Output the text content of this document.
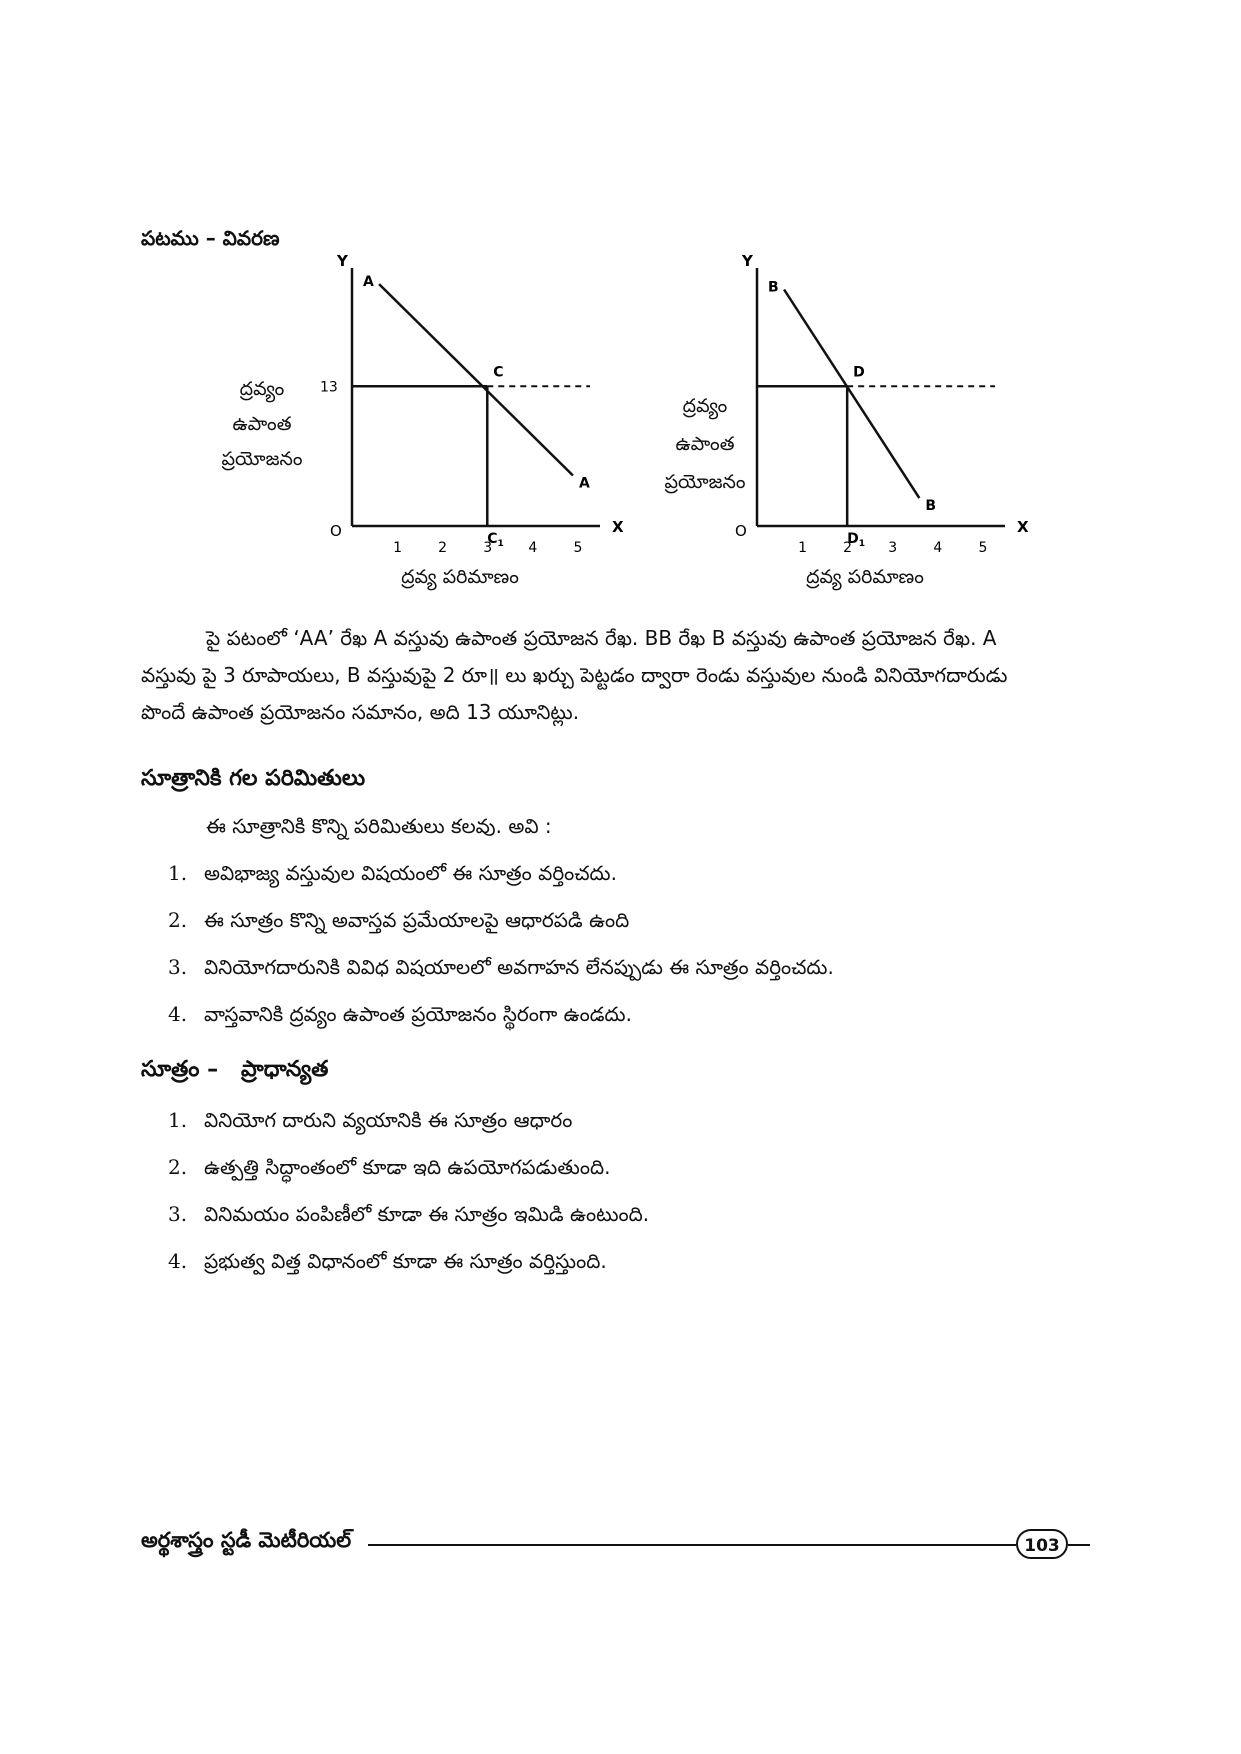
పటము – వివరణ
ద్రవ్యం
ఉపాంత
ప్రయోజనం
ద్రవ్యం
ఉపాంత
ప్రయోజనం
Y
X
O
1	2	3	4	5
13
A
A
C
$C_1$
Y
X
O
1	2	3	4	5
B
B
D
$D_1$
ద్రవ్య పరిమాణం	ద్రవ్య పరిమాణం
పై పటంలో ‘AA’ రేఖ A వస్తువు ఉపాంత ప్రయోజన రేఖ. BB రేఖ B వస్తువు ఉపాంత ప్రయోజన రేఖ. A
వస్తువు పై 3 రూపాయలు, B వస్తువుపై 2 రూ॥ లు ఖర్చు పెట్టడం ద్వారా రెండు వస్తువుల నుండి వినియోగదారుడు
పొందే ఉపాంత ప్రయోజనం సమానం, అది 13 యూనిట్లు.
సూత్రానికి గల పరిమితులు
ఈ సూత్రానికి కొన్ని పరిమితులు కలవు. అవి :
1. అవిభాజ్య వస్తువుల విషయంలో ఈ సూత్రం వర్తించదు.
2. ఈ సూత్రం కొన్ని అవాస్తవ ప్రమేయాలపై ఆధారపడి ఉంది
3. వినియోగదారునికి వివిధ విషయాలలో అవగాహన లేనప్పుడు ఈ సూత్రం వర్తించదు.
4. వాస్తవానికి ద్రవ్యం ఉపాంత ప్రయోజనం స్థిరంగా ఉండదు.
సూత్రం –   ప్రాధాన్యత
1. వినియోగ దారుని వ్యయానికి ఈ సూత్రం ఆధారం
2. ఉత్పత్తి సిద్ధాంతంలో కూడా ఇది ఉపయోగపడుతుంది.
3. వినిమయం పంపిణీలో కూడా ఈ సూత్రం ఇమిడి ఉంటుంది.
4. ప్రభుత్వ విత్త విధానంలో కూడా ఈ సూత్రం వర్తిస్తుంది.
అర్థశాస్త్రం స్టడీ మెటీరియల్	103
